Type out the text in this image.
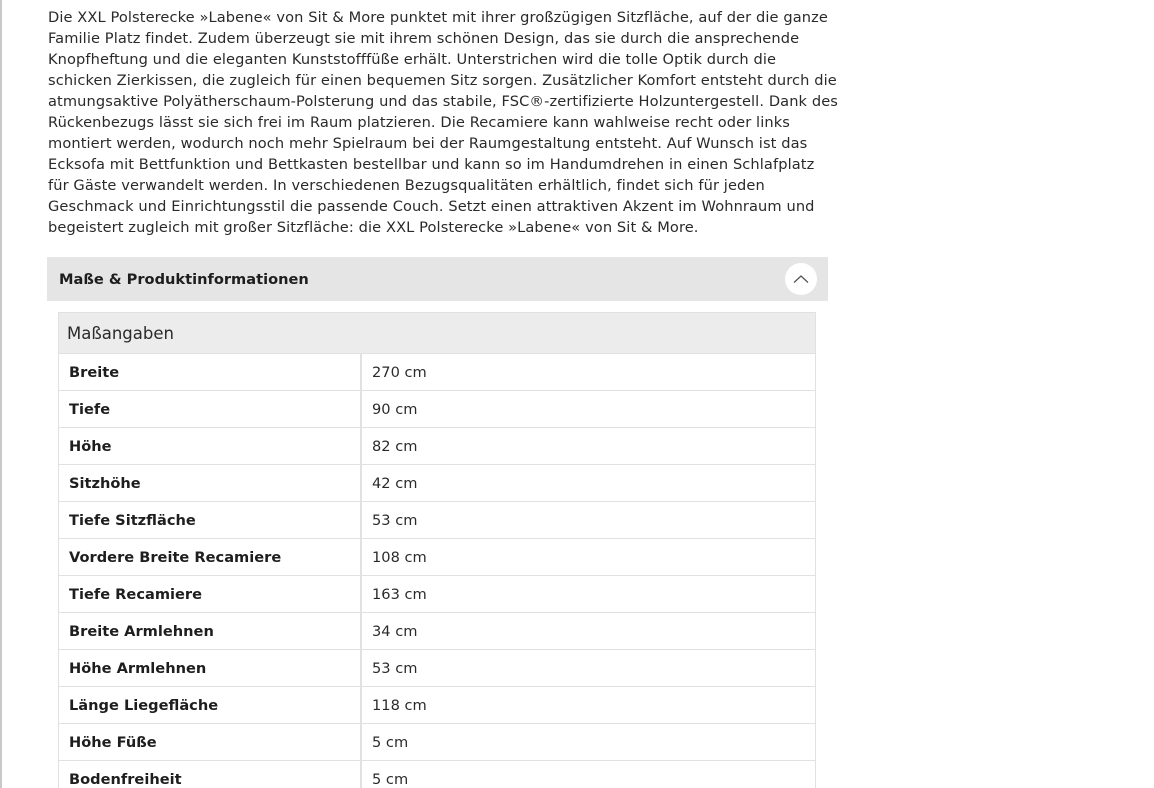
Die XXL Polsterecke »Labene« von Sit & More punktet mit ihrer großzügigen Sitzfläche, auf der die ganze Familie Platz findet. Zudem überzeugt sie mit ihrem schönen Design, das sie durch die ansprechende Knopfheftung und die eleganten Kunststofffüße erhält. Unterstrichen wird die tolle Optik durch die schicken Zierkissen, die zugleich für einen bequemen Sitz sorgen. Zusätzlicher Komfort entsteht durch die atmungsaktive Polyätherschaum-Polsterung und das stabile, FSC®-zertifizierte Holzuntergestell. Dank des Rückenbezugs lässt sie sich frei im Raum platzieren. Die Recamiere kann wahlweise recht oder links montiert werden, wodurch noch mehr Spielraum bei der Raumgestaltung entsteht. Auf Wunsch ist das Ecksofa mit Bettfunktion und Bettkasten bestellbar und kann so im Handumdrehen in einen Schlafplatz für Gäste verwandelt werden. In verschiedenen Bezugsqualitäten erhältlich, findet sich für jeden Geschmack und Einrichtungsstil die passende Couch. Setzt einen attraktiven Akzent im Wohnraum und begeistert zugleich mit großer Sitzfläche: die XXL Polsterecke »Labene« von Sit & More.

Maße & Produktinformationen
Maßangaben
Breite	270 cm
Tiefe	90 cm
Höhe	82 cm
Sitzhöhe	42 cm
Tiefe Sitzfläche	53 cm
Vordere Breite Recamiere	108 cm
Tiefe Recamiere	163 cm
Breite Armlehnen	34 cm
Höhe Armlehnen	53 cm
Länge Liegefläche	118 cm
Höhe Füße	5 cm
Bodenfreiheit	5 cm
